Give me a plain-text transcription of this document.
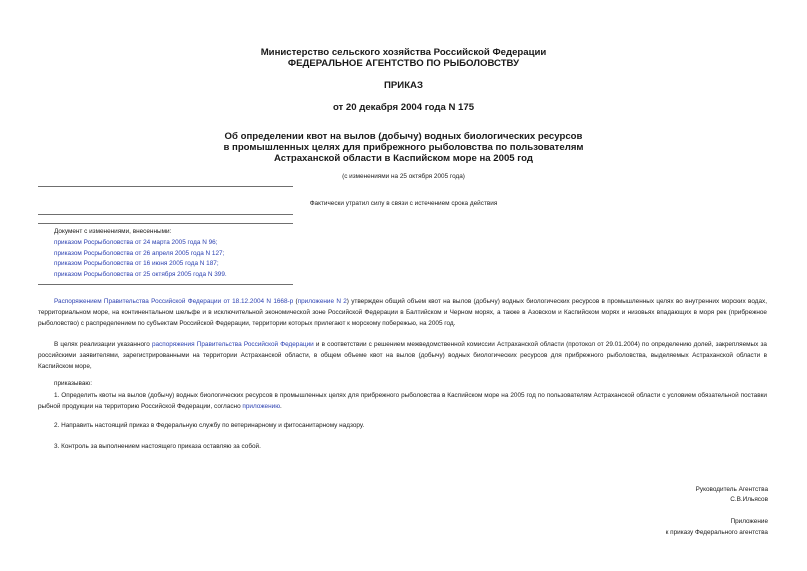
Министерство сельского хозяйства Российской Федерации
ФЕДЕРАЛЬНОЕ АГЕНТСТВО ПО РЫБОЛОВСТВУ
ПРИКАЗ
от 20 декабря 2004 года N 175
Об определении квот на вылов (добычу) водных биологических ресурсов
в промышленных целях для прибрежного рыболовства по пользователям
Астраханской области в Каспийском море на 2005 год
(с изменениями на 25 октября 2005 года)
Фактически утратил силу в связи с истечением срока действия
Документ с изменениями, внесенными:
приказом Росрыболовства от 24 марта 2005 года N 96;
приказом Росрыболовства от 26 апреля 2005 года N 127;
приказом Росрыболовства от 16 июня 2005 года N 187;
приказом Росрыболовства от 25 октября 2005 года N 399.
Распоряжением Правительства Российской Федерации от 18.12.2004 N 1668-р (приложение N 2) утвержден общий объем квот на вылов (добычу) водных биологических ресурсов в промышленных целях во внутренних морских водах, территориальном море, на континентальном шельфе и в исключительной экономической зоне Российской Федерации в Балтийском и Черном морях, а также в Азовском и Каспийском морях и низовьях впадающих в моря рек (прибрежное рыболовство) с распределением по субъектам Российской Федерации, территории которых прилегают к морскому побережью, на 2005 год.
В целях реализации указанного распоряжения Правительства Российской Федерации и в соответствии с решением межведомственной комиссии Астраханской области (протокол от 29.01.2004) по определению долей, закрепляемых за российскими заявителями, зарегистрированными на территории Астраханской области, в общем объеме квот на вылов (добычу) водных биологических ресурсов для прибрежного рыболовства, выделяемых Астраханской области в Каспийском море,
приказываю:
1. Определить квоты на вылов (добычу) водных биологических ресурсов в промышленных целях для прибрежного рыболовства в Каспийском море на 2005 год по пользователям Астраханской области с условием обязательной поставки рыбной продукции на территорию Российской Федерации, согласно приложению.
2. Направить настоящий приказ в Федеральную службу по ветеринарному и фитосанитарному надзору.
3. Контроль за выполнением настоящего приказа оставляю за собой.
Руководитель Агентства
С.В.Ильясов
Приложение
к приказу Федерального агентства
